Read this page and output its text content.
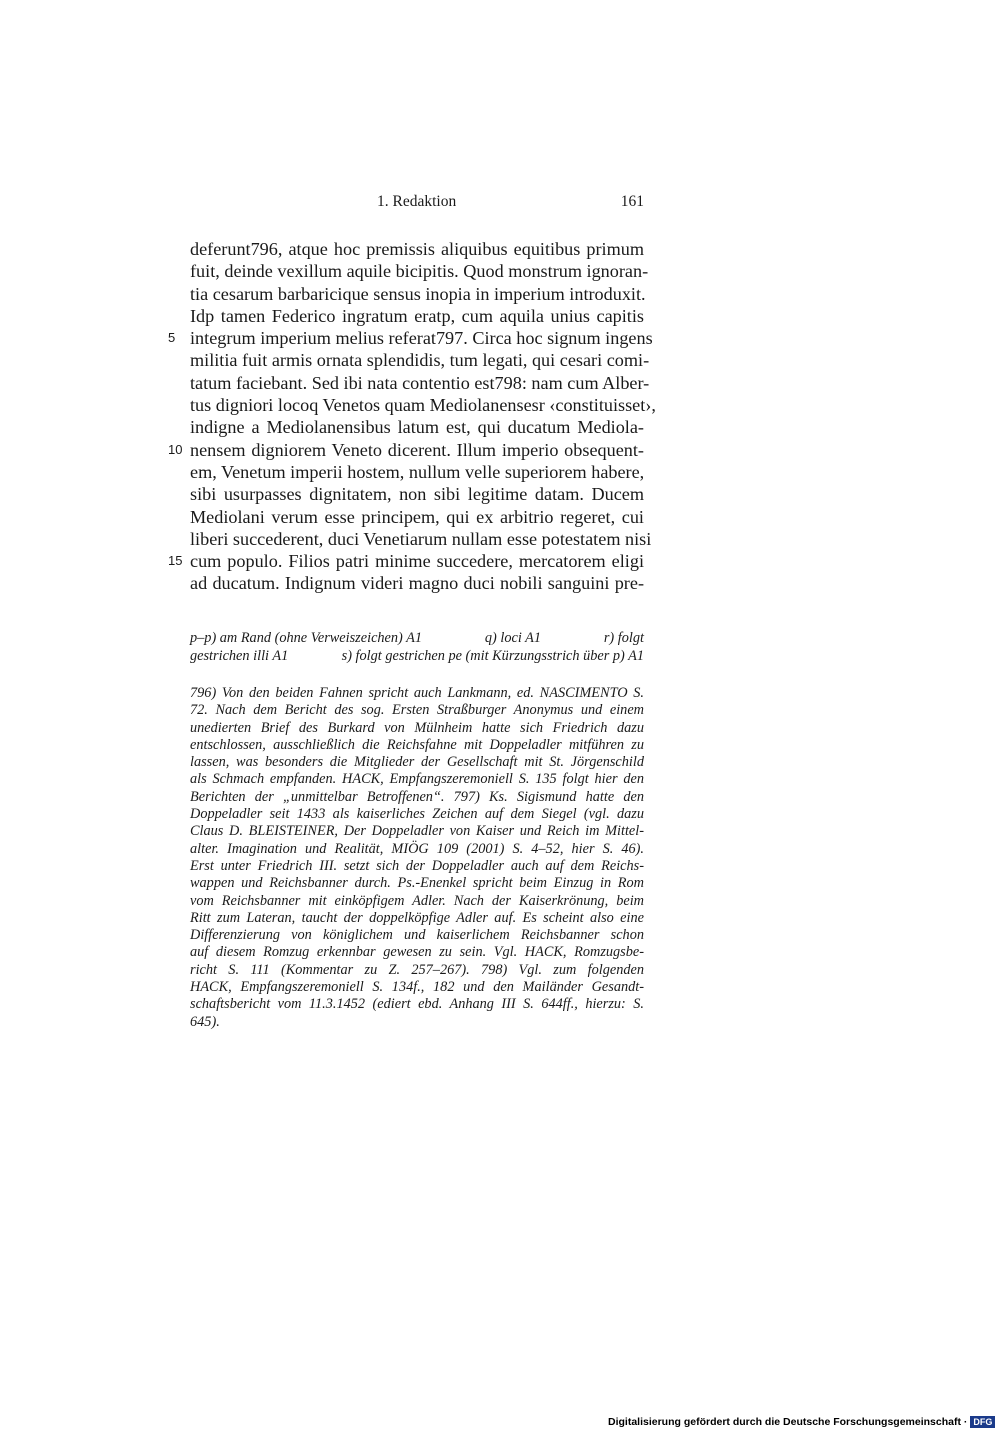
1. Redaktion	161
deferunt796, atque hoc premissis aliquibus equitibus primum
fuit, deinde vexillum aquile bicipitis. Quod monstrum ignoran-
tia cesarum barbaricique sensus inopia in imperium introduxit.
Idp tamen Federico ingratum eratp, cum aquila unius capitis
5 integrum imperium melius referat797. Circa hoc signum ingens
militia fuit armis ornata splendidis, tum legati, qui cesari comi-
tatum faciebant. Sed ibi nata contentio est798: nam cum Alber-
tus digniori locoq Venetos quam Mediolanensesr ‹constituisset›,
indigne a Mediolanensibus latum est, qui ducatum Mediola-
10 nensem digniorem Veneto dicerent. Illum imperio obsequent-
em, Venetum imperii hostem, nullum velle superiorem habere,
sibi usurpasses dignitatem, non sibi legitime datam. Ducem
Mediolani verum esse principem, qui ex arbitrio regeret, cui
liberi succederent, duci Venetiarum nullam esse potestatem nisi
15 cum populo. Filios patri minime succedere, mercatorem eligi
ad ducatum. Indignum videri magno duci nobili sanguini pre-
p–p) am Rand (ohne Verweiszeichen) A1	q) loci A1	r) folgt
gestrichen illi A1	s) folgt gestrichen pe (mit Kürzungsstrich über p) A1
796) Von den beiden Fahnen spricht auch Lankmann, ed. NASCIMENTO S.
72. Nach dem Bericht des sog. Ersten Straßburger Anonymus und einem
unedierten Brief des Burkard von Mülnheim hatte sich Friedrich dazu
entschlossen, ausschließlich die Reichsfahne mit Doppeladler mitführen zu
lassen, was besonders die Mitglieder der Gesellschaft mit St. Jörgenschild
als Schmach empfanden. HACK, Empfangszeremoniell S. 135 folgt hier den
Berichten der „unmittelbar Betroffenen“. 797) Ks. Sigismund hatte den
Doppeladler seit 1433 als kaiserliches Zeichen auf dem Siegel (vgl. dazu
Claus D. BLEISTEINER, Der Doppeladler von Kaiser und Reich im Mittel-
alter. Imagination und Realität, MIÖG 109 (2001) S. 4–52, hier S. 46).
Erst unter Friedrich III. setzt sich der Doppeladler auch auf dem Reichs-
wappen und Reichsbanner durch. Ps.-Enenkel spricht beim Einzug in Rom
vom Reichsbanner mit einköpfigem Adler. Nach der Kaiserkrönung, beim
Ritt zum Lateran, taucht der doppelköpfige Adler auf. Es scheint also eine
Differenzierung von königlichem und kaiserlichem Reichsbanner schon
auf diesem Romzug erkennbar gewesen zu sein. Vgl. HACK, Romzugsbe-
richt S. 111 (Kommentar zu Z. 257–267). 798) Vgl. zum folgenden
HACK, Empfangszeremoniell S. 134f., 182 und den Mailänder Gesandt-
schaftsbericht vom 11.3.1452 (ediert ebd. Anhang III S. 644ff., hierzu: S.
645).
Digitalisierung gefördert durch die Deutsche Forschungsgemeinschaft · DFG
